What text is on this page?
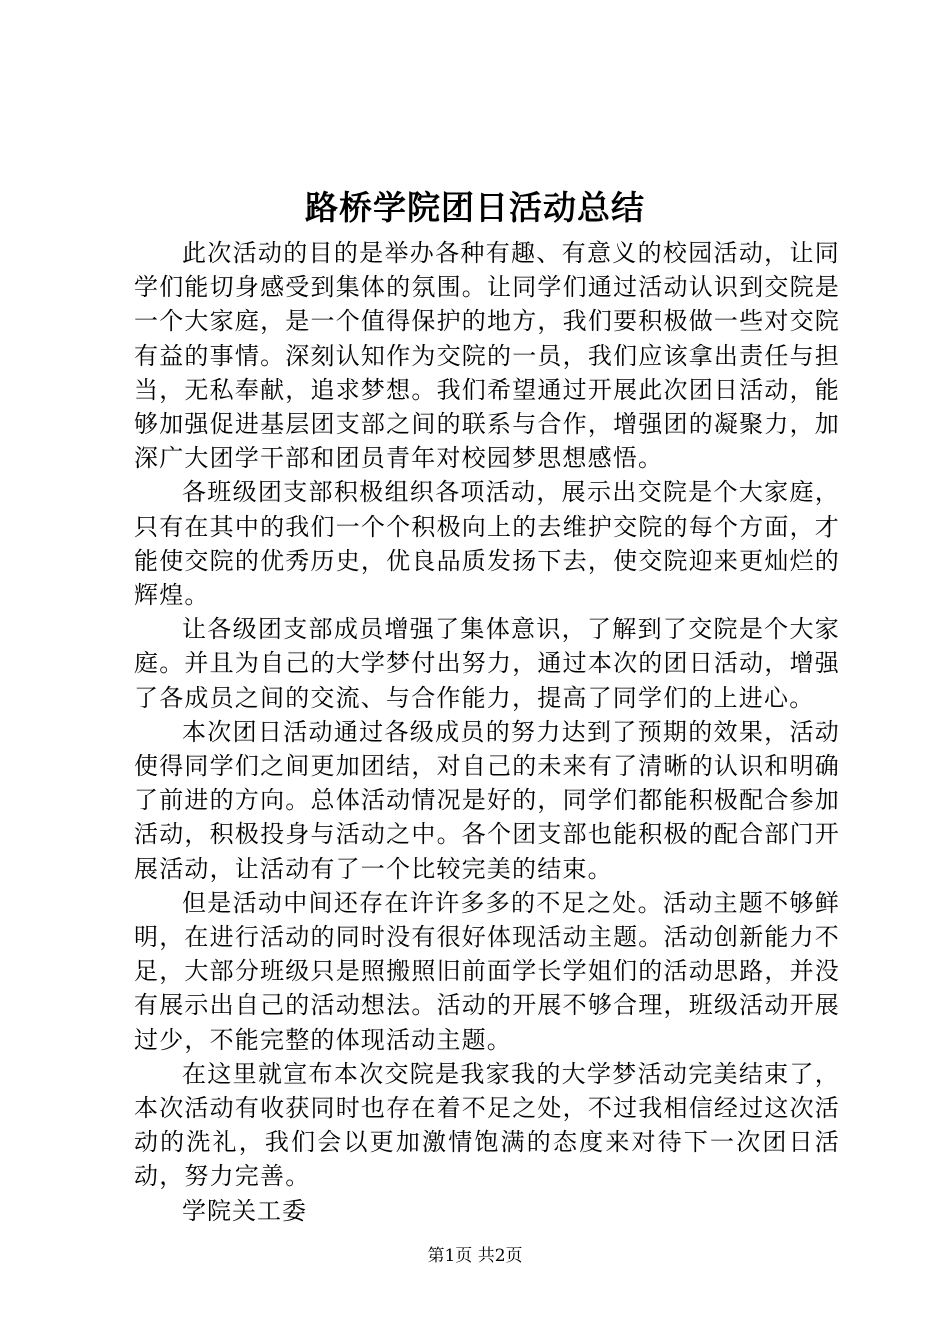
路桥学院团日活动总结

此次活动的目的是举办各种有趣、有意义的校园活动，让同学们能切身感受到集体的氛围。让同学们通过活动认识到交院是一个大家庭，是一个值得保护的地方，我们要积极做一些对交院有益的事情。深刻认知作为交院的一员，我们应该拿出责任与担当，无私奉献，追求梦想。我们希望通过开展此次团日活动，能够加强促进基层团支部之间的联系与合作，增强团的凝聚力，加深广大团学干部和团员青年对校园梦思想感悟。

各班级团支部积极组织各项活动，展示出交院是个大家庭，只有在其中的我们一个个积极向上的去维护交院的每个方面，才能使交院的优秀历史，优良品质发扬下去，使交院迎来更灿烂的辉煌。

让各级团支部成员增强了集体意识，了解到了交院是个大家庭。并且为自己的大学梦付出努力，通过本次的团日活动，增强了各成员之间的交流、与合作能力，提高了同学们的上进心。

本次团日活动通过各级成员的努力达到了预期的效果，活动使得同学们之间更加团结，对自己的未来有了清晰的认识和明确了前进的方向。总体活动情况是好的，同学们都能积极配合参加活动，积极投身与活动之中。各个团支部也能积极的配合部门开展活动，让活动有了一个比较完美的结束。

但是活动中间还存在许许多多的不足之处。活动主题不够鲜明，在进行活动的同时没有很好体现活动主题。活动创新能力不足，大部分班级只是照搬照旧前面学长学姐们的活动思路，并没有展示出自己的活动想法。活动的开展不够合理，班级活动开展过少，不能完整的体现活动主题。

在这里就宣布本次交院是我家我的大学梦活动完美结束了，本次活动有收获同时也存在着不足之处，不过我相信经过这次活动的洗礼，我们会以更加激情饱满的态度来对待下一次团日活动，努力完善。

学院关工委

第1页 共2页
